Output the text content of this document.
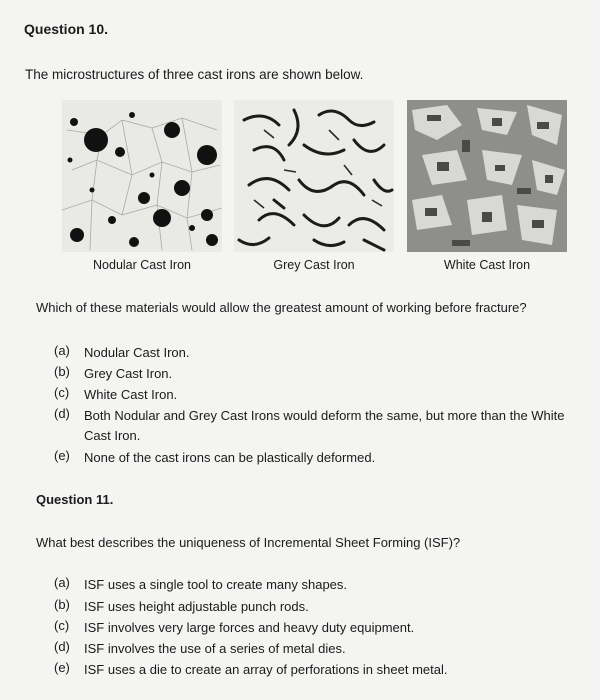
Question 10.
The microstructures of three cast irons are shown below.
Nodular Cast Iron	Grey Cast Iron	White Cast Iron
Which of these materials would allow the greatest amount of working before fracture?
(a) Nodular Cast Iron.
(b) Grey Cast Iron.
(c) White Cast Iron.
(d) Both Nodular and Grey Cast Irons would deform the same, but more than the White Cast Iron.
(e) None of the cast irons can be plastically deformed.
Question 11.
What best describes the uniqueness of Incremental Sheet Forming (ISF)?
(a) ISF uses a single tool to create many shapes.
(b) ISF uses height adjustable punch rods.
(c) ISF involves very large forces and heavy duty equipment.
(d) ISF involves the use of a series of metal dies.
(e) ISF uses a die to create an array of perforations in sheet metal.
